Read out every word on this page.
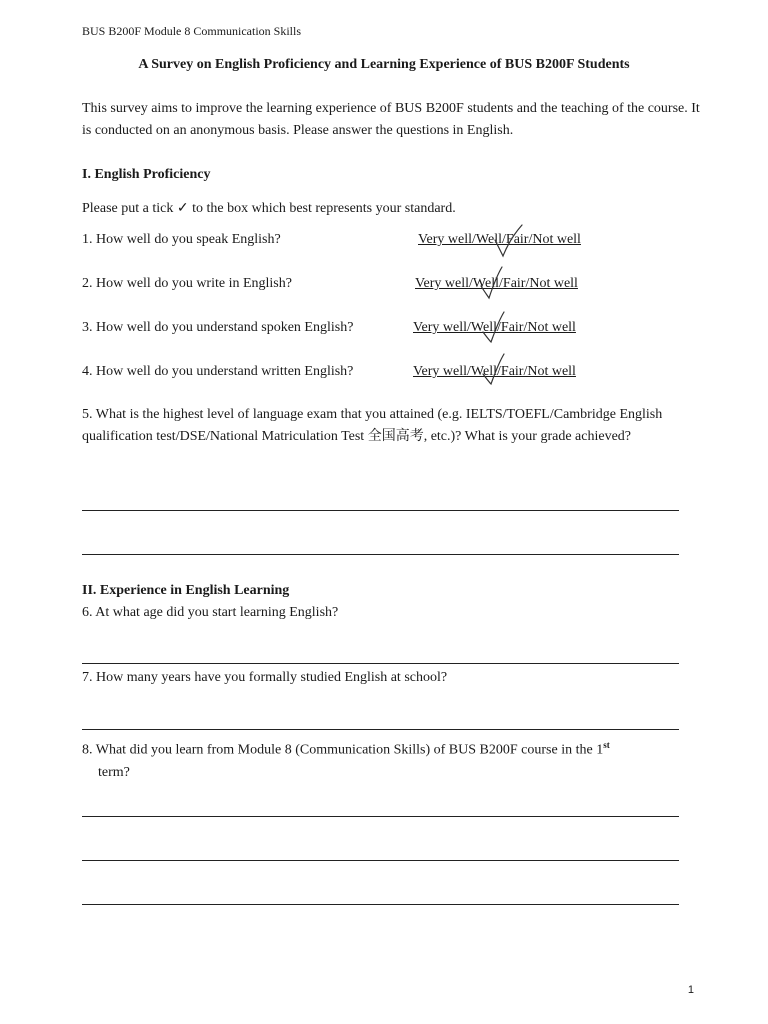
BUS B200F Module 8 Communication Skills
A Survey on English Proficiency and Learning Experience of BUS B200F Students
This survey aims to improve the learning experience of BUS B200F students and the teaching of the course. It is conducted on an anonymous basis. Please answer the questions in English.
I. English Proficiency
Please put a tick ✓ to the box which best represents your standard.
1. How well do you speak English?	Very well/Well/Fair/Not well
2. How well do you write in English?	Very well/Well/Fair/Not well
3. How well do you understand spoken English?	Very well/Well/Fair/Not well
4. How well do you understand written English?	Very well/Well/Fair/Not well
5. What is the highest level of language exam that you attained (e.g. IELTS/TOEFL/Cambridge English qualification test/DSE/National Matriculation Test 全国高考, etc.)? What is your grade achieved?
II. Experience in English Learning
6. At what age did you start learning English?
7. How many years have you formally studied English at school?
8. What did you learn from Module 8 (Communication Skills) of BUS B200F course in the 1st
term?
1
